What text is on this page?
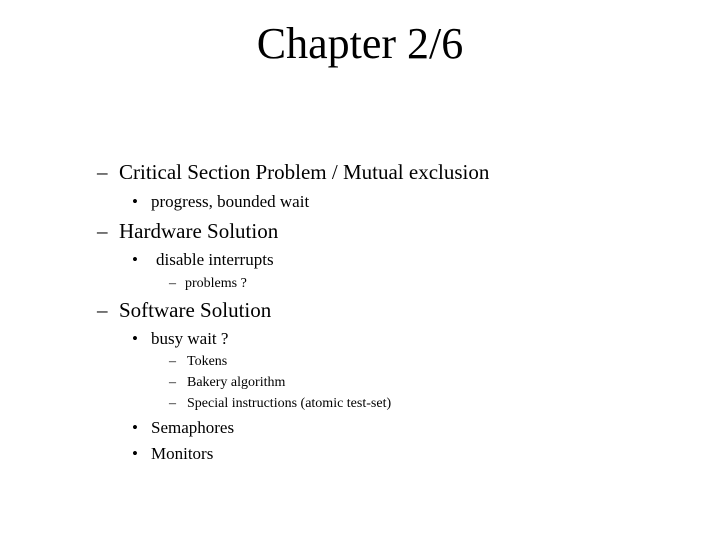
Chapter 2/6
– Critical Section Problem / Mutual exclusion
• progress, bounded wait
– Hardware Solution
• disable interrupts
– problems ?
– Software Solution
• busy wait ?
– Tokens
– Bakery algorithm
– Special instructions (atomic test-set)
• Semaphores
• Monitors
